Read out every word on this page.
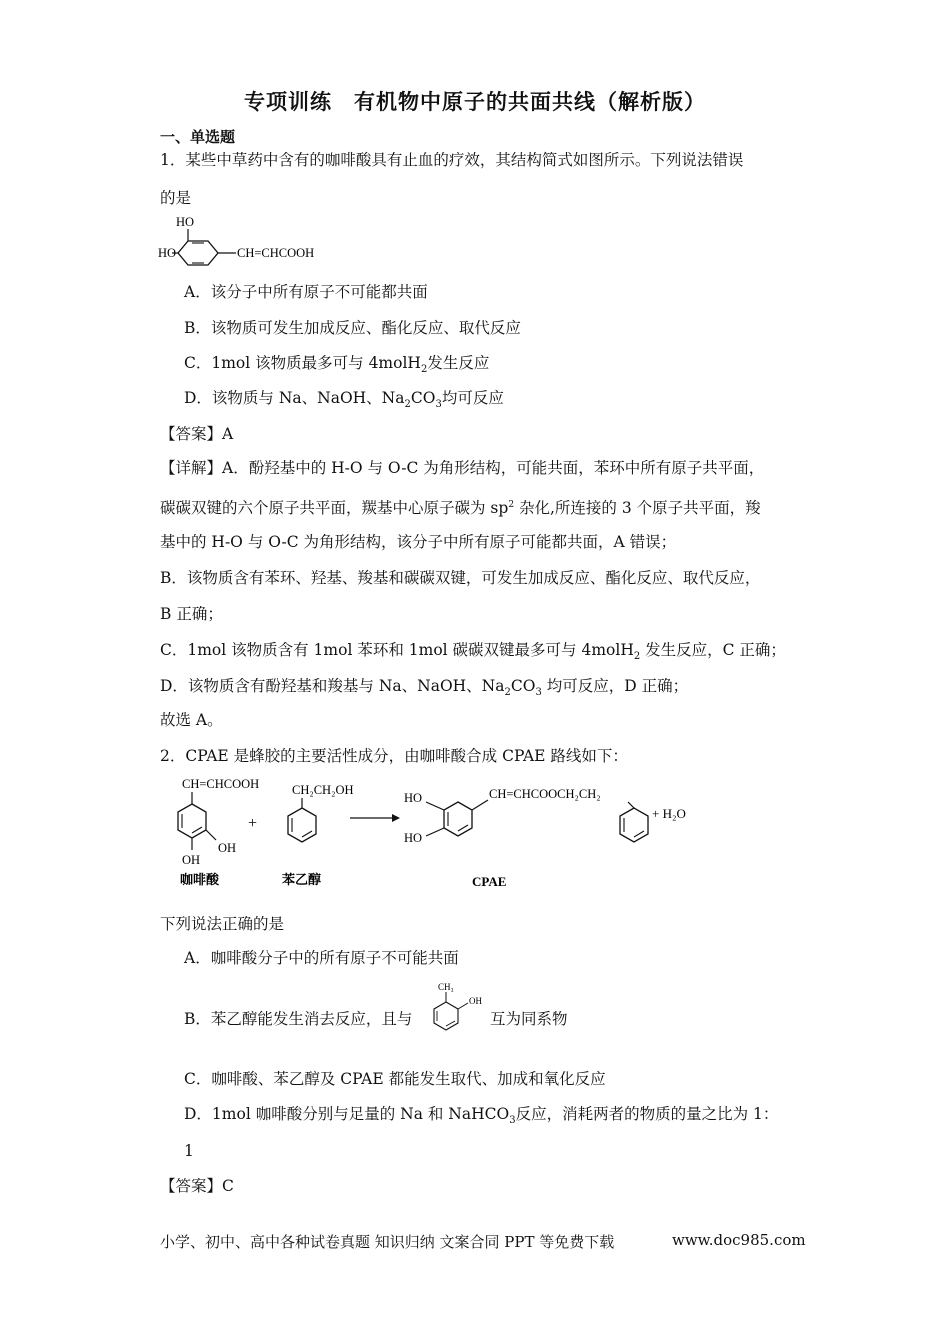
专项训练　有机物中原子的共面共线（解析版）
一、单选题
1．某些中草药中含有的咖啡酸具有止血的疗效，其结构简式如图所示。下列说法错误
的是
HO
HO	CH=CHCOOH
A．该分子中所有原子不可能都共面
B．该物质可发生加成反应、酯化反应、取代反应
C．1mol 该物质最多可与 4molH$_2$发生反应
D．该物质与 Na、NaOH、$Na_2CO_3$均可反应
【答案】A
【详解】A．酚羟基中的 H-O 与 O-C 为角形结构，可能共面，苯环中所有原子共平面，
碳碳双键的六个原子共平面，羰基中心原子碳为 $sp^2$ 杂化,所连接的 3 个原子共平面，羧
基中的 H-O 与 O-C 为角形结构，该分子中所有原子可能都共面，A 错误；
B．该物质含有苯环、羟基、羧基和碳碳双键，可发生加成反应、酯化反应、取代反应，
B 正确；
C．1mol 该物质含有 1mol 苯环和 1mol 碳碳双键最多可与 4molH$_2$ 发生反应，C 正确；
D．该物质含有酚羟基和羧基与 Na、NaOH、$Na_2CO_3$ 均可反应，D 正确；
故选 A。
2．CPAE 是蜂胶的主要活性成分，由咖啡酸合成 CPAE 路线如下：
CH=CHCOOH
OH
OH
咖啡酸
+
CH₂CH₂OH
苯乙醇
HO
HO
CH=CHCOOCH₂CH₂
+ H₂O
CPAE
下列说法正确的是
A．咖啡酸分子中的所有原子不可能共面
B．苯乙醇能发生消去反应，且与
CH₃
OH
互为同系物
C．咖啡酸、苯乙醇及 CPAE 都能发生取代、加成和氧化反应
D．1mol 咖啡酸分别与足量的 Na 和 NaHCO$_3$反应，消耗两者的物质的量之比为 1：
1
【答案】C
小学、初中、高中各种试卷真题 知识归纳 文案合同 PPT 等免费下载	www.doc985.com
